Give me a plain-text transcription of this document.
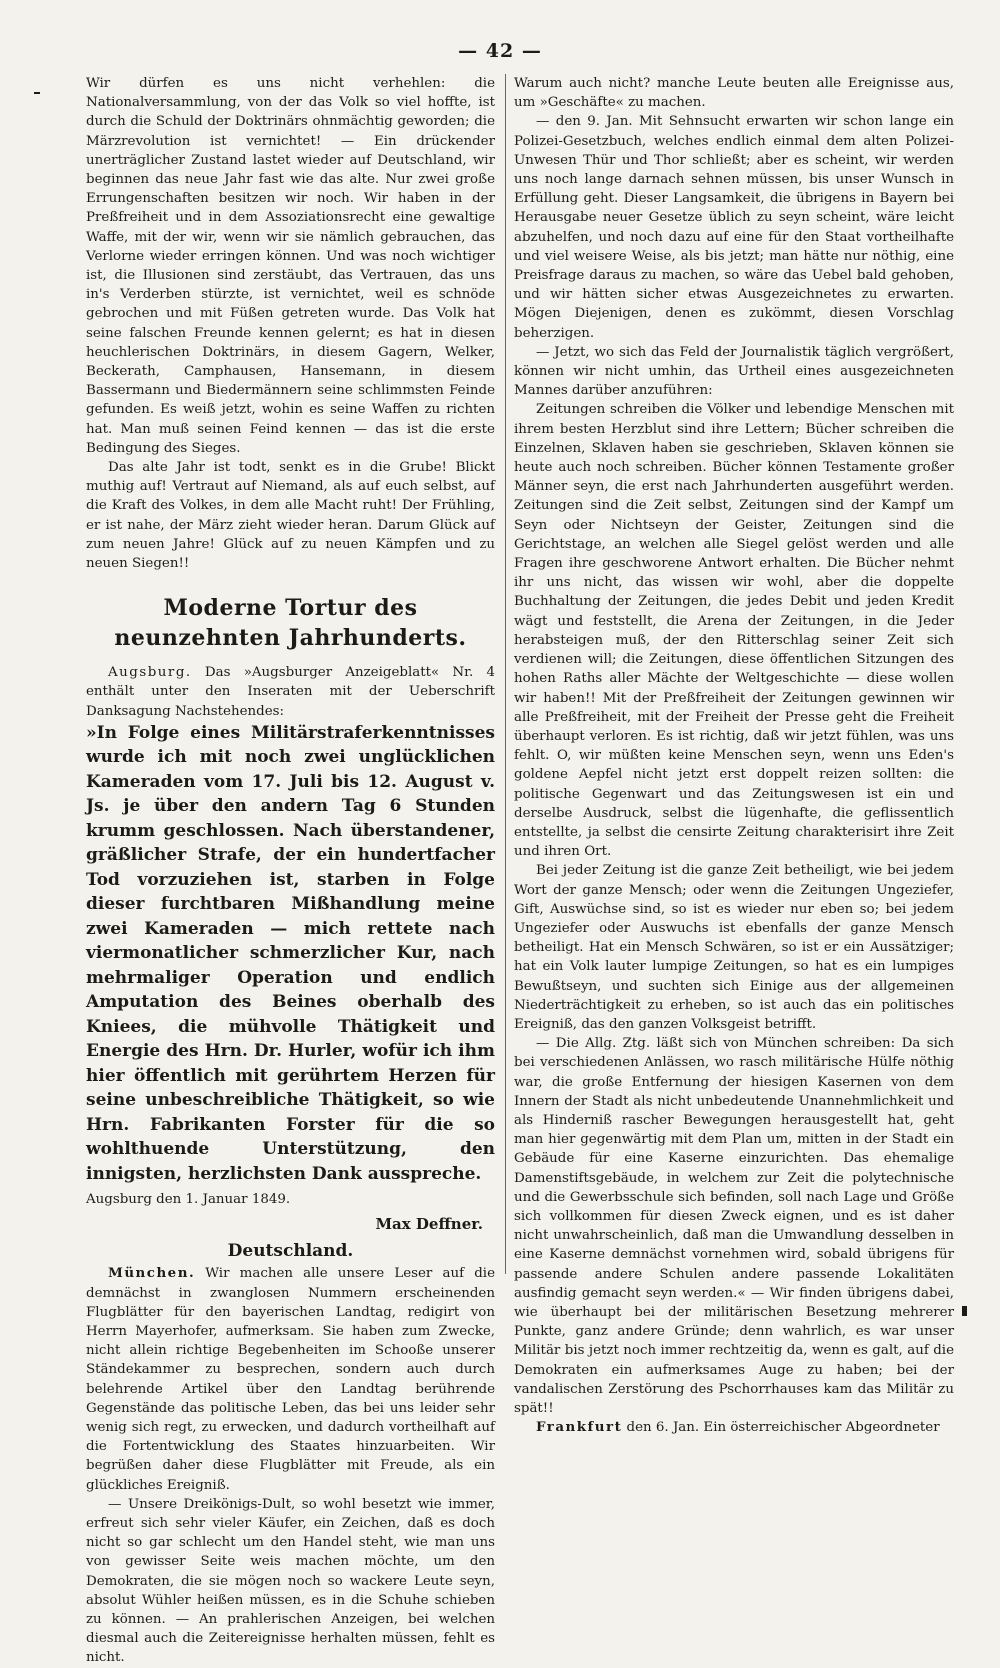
— 42 —

Wir dürfen es uns nicht verhehlen: die Nationalversammlung, von der das Volk so viel hoffte, ist durch die Schuld der Doktrinärs ohnmächtig geworden; die Märzrevolution ist vernichtet! — Ein drückender unerträglicher Zustand lastet wieder auf Deutschland, wir beginnen das neue Jahr fast wie das alte. Nur zwei große Errungenschaften besitzen wir noch. Wir haben in der Preßfreiheit und in dem Assoziationsrecht eine gewaltige Waffe, mit der wir, wenn wir sie nämlich gebrauchen, das Verlorne wieder erringen können. Und was noch wichtiger ist, die Illusionen sind zerstäubt, das Vertrauen, das uns in's Verderben stürzte, ist vernichtet, weil es schnöde gebrochen und mit Füßen getreten wurde. Das Volk hat seine falschen Freunde kennen gelernt; es hat in diesen heuchlerischen Doktrinärs, in diesem Gagern, Welker, Beckerath, Camphausen, Hansemann, in diesem Bassermann und Biedermännern seine schlimmsten Feinde gefunden. Es weiß jetzt, wohin es seine Waffen zu richten hat. Man muß seinen Feind kennen — das ist die erste Bedingung des Sieges.

Das alte Jahr ist todt, senkt es in die Grube! Blickt muthig auf! Vertraut auf Niemand, als auf euch selbst, auf die Kraft des Volkes, in dem alle Macht ruht! Der Frühling, er ist nahe, der März zieht wieder heran. Darum Glück auf zum neuen Jahre! Glück auf zu neuen Kämpfen und zu neuen Siegen!!

Moderne Tortur des neunzehnten Jahrhunderts.

Augsburg. Das »Augsburger Anzeigeblatt« Nr. 4 enthält unter den Inseraten mit der Ueberschrift Danksagung Nachstehendes:

»In Folge eines Militärstraferkenntnisses wurde ich mit noch zwei unglücklichen Kameraden vom 17. Juli bis 12. August v. Js. je über den andern Tag 6 Stunden krumm geschlossen. Nach überstandener, gräßlicher Strafe, der ein hundertfacher Tod vorzuziehen ist, starben in Folge dieser furchtbaren Mißhandlung meine zwei Kameraden — mich rettete nach viermonatlicher schmerzlicher Kur, nach mehrmaliger Operation und endlich Amputation des Beines oberhalb des Kniees, die mühvolle Thätigkeit und Energie des Hrn. Dr. Hurler, wofür ich ihm hier öffentlich mit gerührtem Herzen für seine unbeschreibliche Thätigkeit, so wie Hrn. Fabrikanten Forster für die so wohlthuende Unterstützung, den innigsten, herzlichsten Dank ausspreche.

Augsburg den 1. Januar 1849.
Max Deffner.
Deutschland.

München. Wir machen alle unsere Leser auf die demnächst in zwanglosen Nummern erscheinenden Flugblätter für den bayerischen Landtag, redigirt von Herrn Mayerhofer, aufmerksam. Sie haben zum Zwecke, nicht allein richtige Begebenheiten im Schooße unserer Ständekammer zu besprechen, sondern auch durch belehrende Artikel über den Landtag berührende Gegenstände das politische Leben, das bei uns leider sehr wenig sich regt, zu erwecken, und dadurch vortheilhaft auf die Fortentwicklung des Staates hinzuarbeiten. Wir begrüßen daher diese Flugblätter mit Freude, als ein glückliches Ereigniß.

— Unsere Dreikönigs-Dult, so wohl besetzt wie immer, erfreut sich sehr vieler Käufer, ein Zeichen, daß es doch nicht so gar schlecht um den Handel steht, wie man uns von gewisser Seite weis machen möchte, um den Demokraten, die sie mögen noch so wackere Leute seyn, absolut Wühler heißen müssen, es in die Schuhe schieben zu können. — An prahlerischen Anzeigen, bei welchen diesmal auch die Zeitereignisse herhalten müssen, fehlt es nicht.

Warum auch nicht? manche Leute beuten alle Ereignisse aus, um »Geschäfte« zu machen.

— den 9. Jan. Mit Sehnsucht erwarten wir schon lange ein Polizei-Gesetzbuch, welches endlich einmal dem alten Polizei-Unwesen Thür und Thor schließt; aber es scheint, wir werden uns noch lange darnach sehnen müssen, bis unser Wunsch in Erfüllung geht. Dieser Langsamkeit, die übrigens in Bayern bei Herausgabe neuer Gesetze üblich zu seyn scheint, wäre leicht abzuhelfen, und noch dazu auf eine für den Staat vortheilhafte und viel weisere Weise, als bis jetzt; man hätte nur nöthig, eine Preisfrage daraus zu machen, so wäre das Uebel bald gehoben, und wir hätten sicher etwas Ausgezeichnetes zu erwarten. Mögen Diejenigen, denen es zukömmt, diesen Vorschlag beherzigen.

— Jetzt, wo sich das Feld der Journalistik täglich vergrößert, können wir nicht umhin, das Urtheil eines ausgezeichneten Mannes darüber anzuführen:

Zeitungen schreiben die Völker und lebendige Menschen mit ihrem besten Herzblut sind ihre Lettern; Bücher schreiben die Einzelnen, Sklaven haben sie geschrieben, Sklaven können sie heute auch noch schreiben. Bücher können Testamente großer Männer seyn, die erst nach Jahrhunderten ausgeführt werden. Zeitungen sind die Zeit selbst, Zeitungen sind der Kampf um Seyn oder Nichtseyn der Geister, Zeitungen sind die Gerichtstage, an welchen alle Siegel gelöst werden und alle Fragen ihre geschworene Antwort erhalten. Die Bücher nehmt ihr uns nicht, das wissen wir wohl, aber die doppelte Buchhaltung der Zeitungen, die jedes Debit und jeden Kredit wägt und feststellt, die Arena der Zeitungen, in die Jeder herabsteigen muß, der den Ritterschlag seiner Zeit sich verdienen will; die Zeitungen, diese öffentlichen Sitzungen des hohen Raths aller Mächte der Weltgeschichte — diese wollen wir haben!! Mit der Preßfreiheit der Zeitungen gewinnen wir alle Preßfreiheit, mit der Freiheit der Presse geht die Freiheit überhaupt verloren. Es ist richtig, daß wir jetzt fühlen, was uns fehlt. O, wir müßten keine Menschen seyn, wenn uns Eden's goldene Aepfel nicht jetzt erst doppelt reizen sollten: die politische Gegenwart und das Zeitungswesen ist ein und derselbe Ausdruck, selbst die lügenhafte, die geflissentlich entstellte, ja selbst die censirte Zeitung charakterisirt ihre Zeit und ihren Ort.

Bei jeder Zeitung ist die ganze Zeit betheiligt, wie bei jedem Wort der ganze Mensch; oder wenn die Zeitungen Ungeziefer, Gift, Auswüchse sind, so ist es wieder nur eben so; bei jedem Ungeziefer oder Auswuchs ist ebenfalls der ganze Mensch betheiligt. Hat ein Mensch Schwären, so ist er ein Aussätziger; hat ein Volk lauter lumpige Zeitungen, so hat es ein lumpiges Bewußtseyn, und suchten sich Einige aus der allgemeinen Niederträchtigkeit zu erheben, so ist auch das ein politisches Ereigniß, das den ganzen Volksgeist betrifft.

— Die Allg. Ztg. läßt sich von München schreiben: Da sich bei verschiedenen Anlässen, wo rasch militärische Hülfe nöthig war, die große Entfernung der hiesigen Kasernen von dem Innern der Stadt als nicht unbedeutende Unannehmlichkeit und als Hinderniß rascher Bewegungen herausgestellt hat, geht man hier gegenwärtig mit dem Plan um, mitten in der Stadt ein Gebäude für eine Kaserne einzurichten. Das ehemalige Damenstiftsgebäude, in welchem zur Zeit die polytechnische und die Gewerbsschule sich befinden, soll nach Lage und Größe sich vollkommen für diesen Zweck eignen, und es ist daher nicht unwahrscheinlich, daß man die Umwandlung desselben in eine Kaserne demnächst vornehmen wird, sobald übrigens für passende andere Schulen andere passende Lokalitäten ausfindig gemacht seyn werden.« — Wir finden übrigens dabei, wie überhaupt bei der militärischen Besetzung mehrerer Punkte, ganz andere Gründe; denn wahrlich, es war unser Militär bis jetzt noch immer rechtzeitig da, wenn es galt, auf die Demokraten ein aufmerksames Auge zu haben; bei der vandalischen Zerstörung des Pschorrhauses kam das Militär zu spät!!

Frankfurt den 6. Jan. Ein österreichischer Abgeordneter
